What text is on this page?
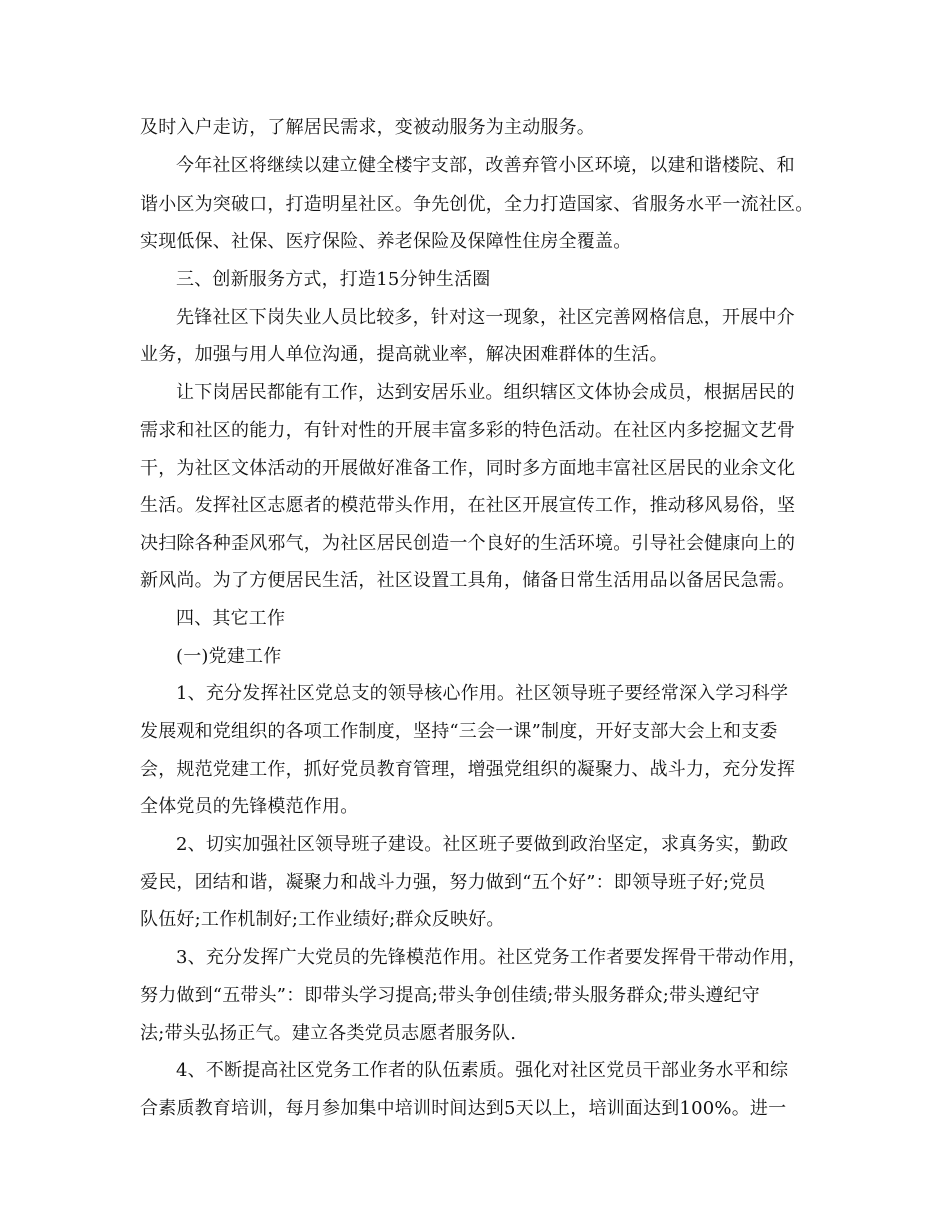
及时入户走访，了解居民需求，变被动服务为主动服务。
今年社区将继续以建立健全楼宇支部，改善弃管小区环境，以建和谐楼院、和
谐小区为突破口，打造明星社区。争先创优，全力打造国家、省服务水平一流社区。
实现低保、社保、医疗保险、养老保险及保障性住房全覆盖。
三、创新服务方式，打造15分钟生活圈
先锋社区下岗失业人员比较多，针对这一现象，社区完善网格信息，开展中介
业务，加强与用人单位沟通，提高就业率，解决困难群体的生活。
让下岗居民都能有工作，达到安居乐业。组织辖区文体协会成员，根据居民的
需求和社区的能力，有针对性的开展丰富多彩的特色活动。在社区内多挖掘文艺骨
干，为社区文体活动的开展做好准备工作，同时多方面地丰富社区居民的业余文化
生活。发挥社区志愿者的模范带头作用，在社区开展宣传工作，推动移风易俗，坚
决扫除各种歪风邪气，为社区居民创造一个良好的生活环境。引导社会健康向上的
新风尚。为了方便居民生活，社区设置工具角，储备日常生活用品以备居民急需。
四、其它工作
(一)党建工作
1、充分发挥社区党总支的领导核心作用。社区领导班子要经常深入学习科学
发展观和党组织的各项工作制度，坚持“三会一课”制度，开好支部大会上和支委
会，规范党建工作，抓好党员教育管理，增强党组织的凝聚力、战斗力，充分发挥
全体党员的先锋模范作用。
2、切实加强社区领导班子建设。社区班子要做到政治坚定，求真务实，勤政
爱民，团结和谐，凝聚力和战斗力强，努力做到“五个好”：即领导班子好;党员
队伍好;工作机制好;工作业绩好;群众反映好。
3、充分发挥广大党员的先锋模范作用。社区党务工作者要发挥骨干带动作用，
努力做到“五带头”：即带头学习提高;带头争创佳绩;带头服务群众;带头遵纪守
法;带头弘扬正气。建立各类党员志愿者服务队.
4、不断提高社区党务工作者的队伍素质。强化对社区党员干部业务水平和综
合素质教育培训，每月参加集中培训时间达到5天以上，培训面达到100%。进一
